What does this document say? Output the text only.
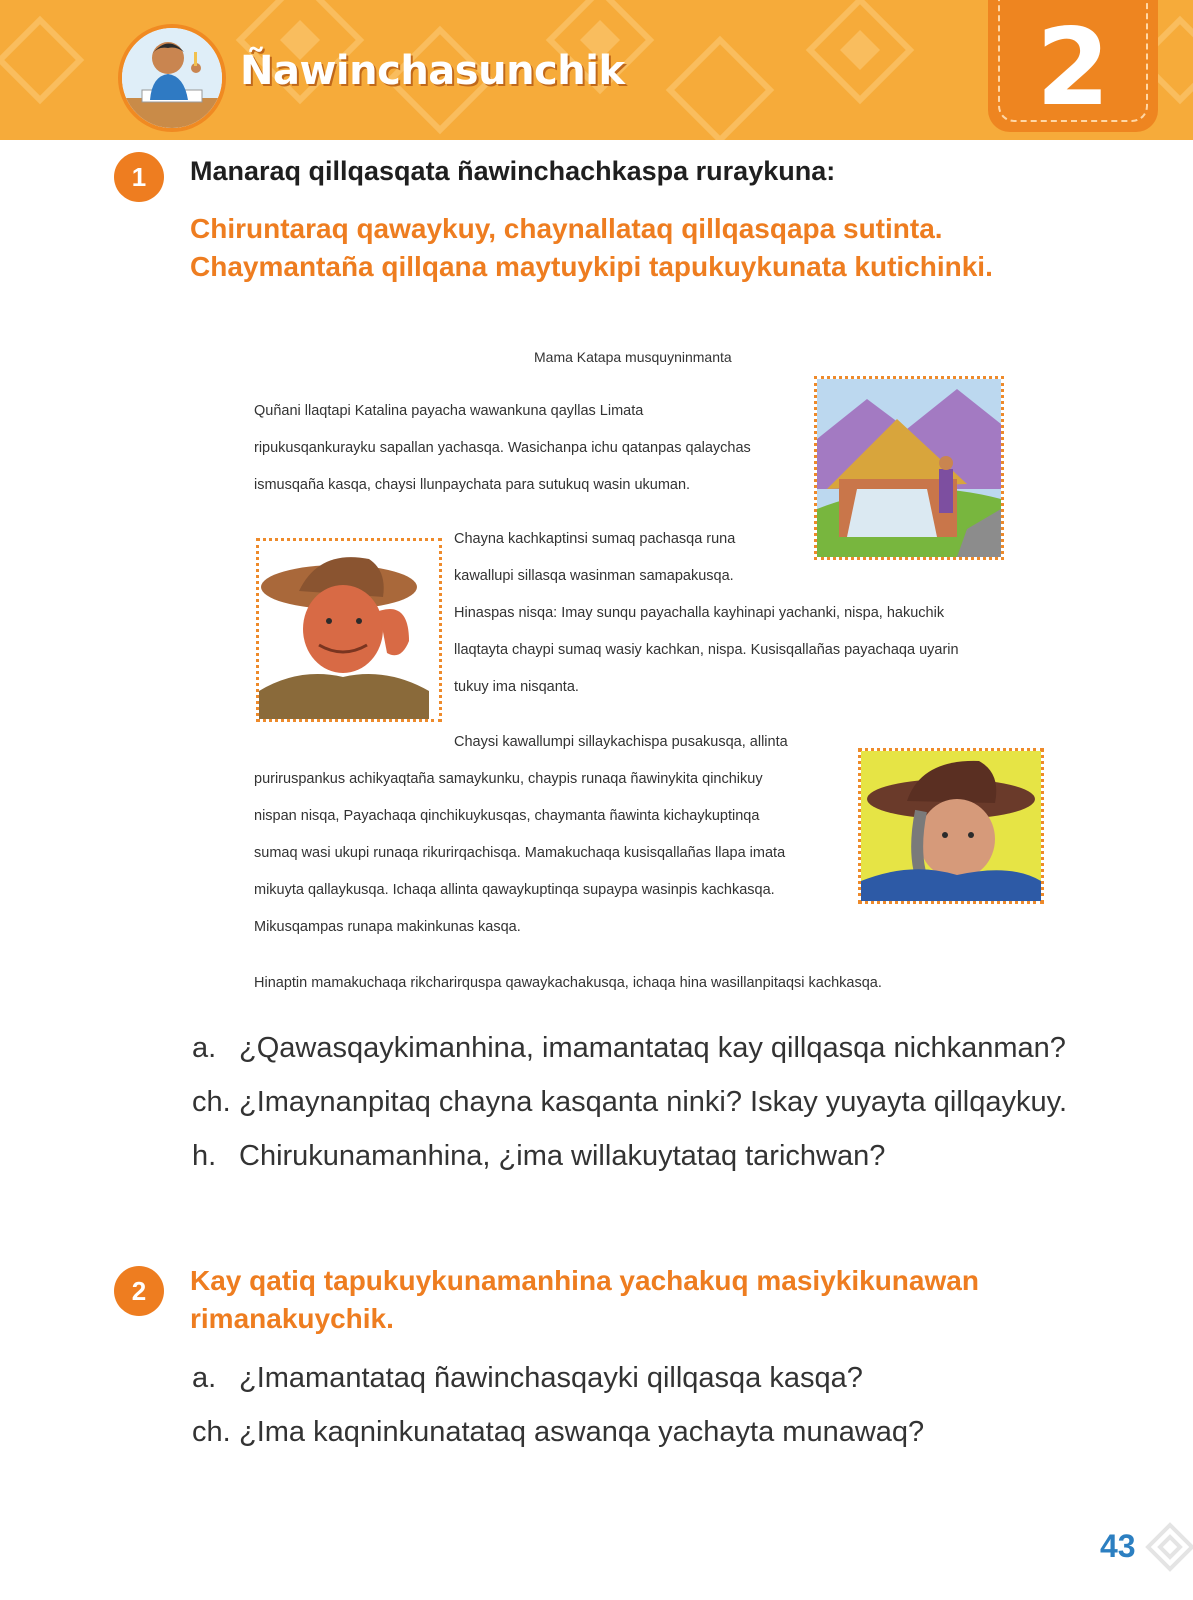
Ñawinchasunchik	2
1	Manaraq qillqasqata ñawinchachkaspa ruraykuna:
Chiruntaraq qawaykuy, chaynallataq qillqasqapa sutinta.
Chaymantaña qillqana maytuykipi tapukuykunata kutichinki.
Mama Katapa musquyninmanta
Quñani llaqtapi Katalina payacha wawankuna qayllas Limata
ripukusqankurayku sapallan yachasqa. Wasichanpa ichu qatanpas qalaychas
ismusqaña kasqa, chaysi llunpaychata para sutukuq wasin ukuman.
Chayna kachkaptinsi sumaq pachasqa runa
kawallupi sillasqa wasinman samapakusqa.
Hinaspas nisqa: Imay sunqu payachalla kayhinapi yachanki, nispa, hakuchik
llaqtayta chaypi sumaq wasiy kachkan, nispa. Kusisqallañas payachaqa uyarin
tukuy ima nisqanta.
Chaysi kawallumpi sillaykachispa pusakusqa, allinta
puriruspankus achikyaqtaña samaykunku, chaypis runaqa ñawinykita qinchikuy
nispan nisqa, Payachaqa qinchikuykusqas, chaymanta ñawinta kichaykuptinqa
sumaq wasi ukupi runaqa rikurirqachisqa. Mamakuchaqa kusisqallañas llapa imata
mikuyta qallaykusqa. Ichaqa allinta qawaykuptinqa supaypa wasinpis kachkasqa.
Mikusqampas runapa makinkunas kasqa.
Hinaptin mamakuchaqa rikcharirquspa qawaykachakusqa, ichaqa hina wasillanpitaqsi kachkasqa.
a. ¿Qawasqaykimanhina, imamantataq kay qillqasqa nichkanman?
ch. ¿Imaynanpitaq chayna kasqanta ninki? Iskay yuyayta qillqaykuy.
h. Chirukunamanhina, ¿ima willakuytataq tarichwan?
2	Kay qatiq tapukuykunamanhina yachakuq masiykikunawan
rimanakuychik.
a. ¿Imamantataq ñawinchasqayki qillqasqa kasqa?
ch. ¿Ima kaqninkunatataq aswanqa yachayta munawaq?
43
